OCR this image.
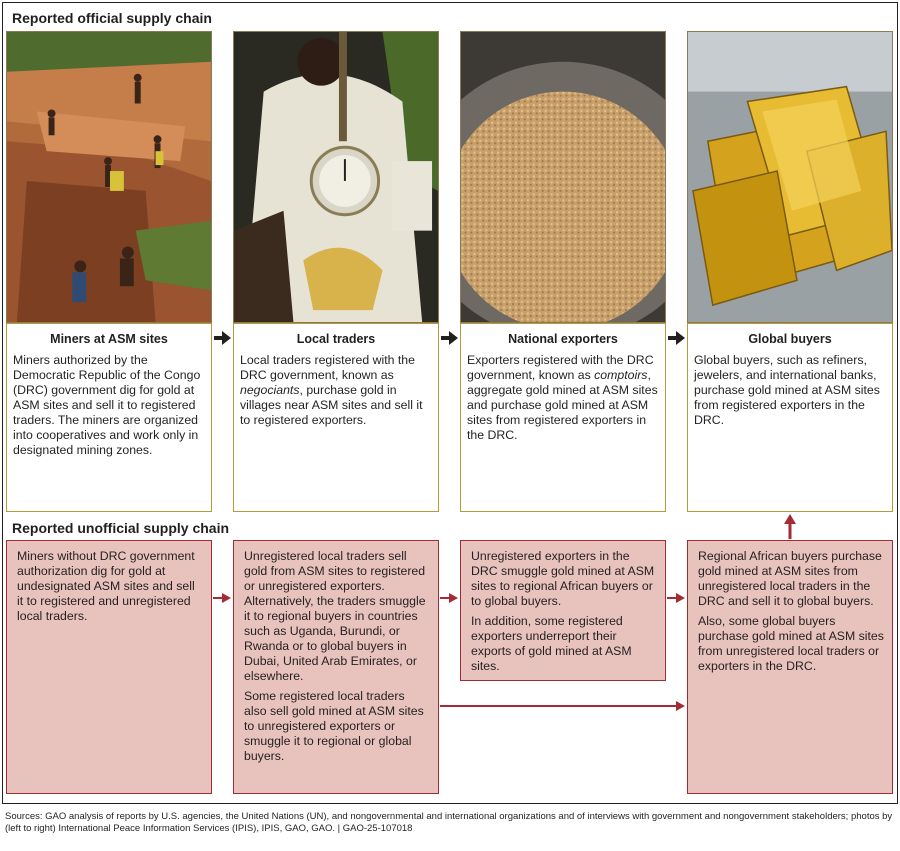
Reported official supply chain
Miners at ASM sites

Miners authorized by the Democratic Republic of the Congo (DRC) government dig for gold at ASM sites and sell it to registered traders. The miners are organized into cooperatives and work only in designated mining zones.

Local traders

Local traders registered with the DRC government, known as negociants, purchase gold in villages near ASM sites and sell it to registered exporters.

National exporters

Exporters registered with the DRC government, known as comptoirs, aggregate gold mined at ASM sites and purchase gold mined at ASM sites from registered exporters in the DRC.

Global buyers

Global buyers, such as refiners, jewelers, and international banks, purchase gold mined at ASM sites from registered exporters in the DRC.

Reported unofficial supply chain

Miners without DRC government authorization dig for gold at undesignated ASM sites and sell it to registered and unregistered local traders.

Unregistered local traders sell gold from ASM sites to registered or unregistered exporters. Alternatively, the traders smuggle it to regional buyers in countries such as Uganda, Burundi, or Rwanda or to global buyers in Dubai, United Arab Emirates, or elsewhere.

Some registered local traders also sell gold mined at ASM sites to unregistered exporters or smuggle it to regional or global buyers.

Unregistered exporters in the DRC smuggle gold mined at ASM sites to regional African buyers or to global buyers.

In addition, some registered exporters underreport their exports of gold mined at ASM sites.

Regional African buyers purchase gold mined at ASM sites from unregistered local traders in the DRC and sell it to global buyers.

Also, some global buyers purchase gold mined at ASM sites from unregistered local traders or exporters in the DRC.

Sources: GAO analysis of reports by U.S. agencies, the United Nations (UN), and nongovernmental and international organizations and of interviews with government and nongovernment stakeholders; photos by (left to right) International Peace Information Services (IPIS), IPIS, GAO, GAO. | GAO-25-107018
